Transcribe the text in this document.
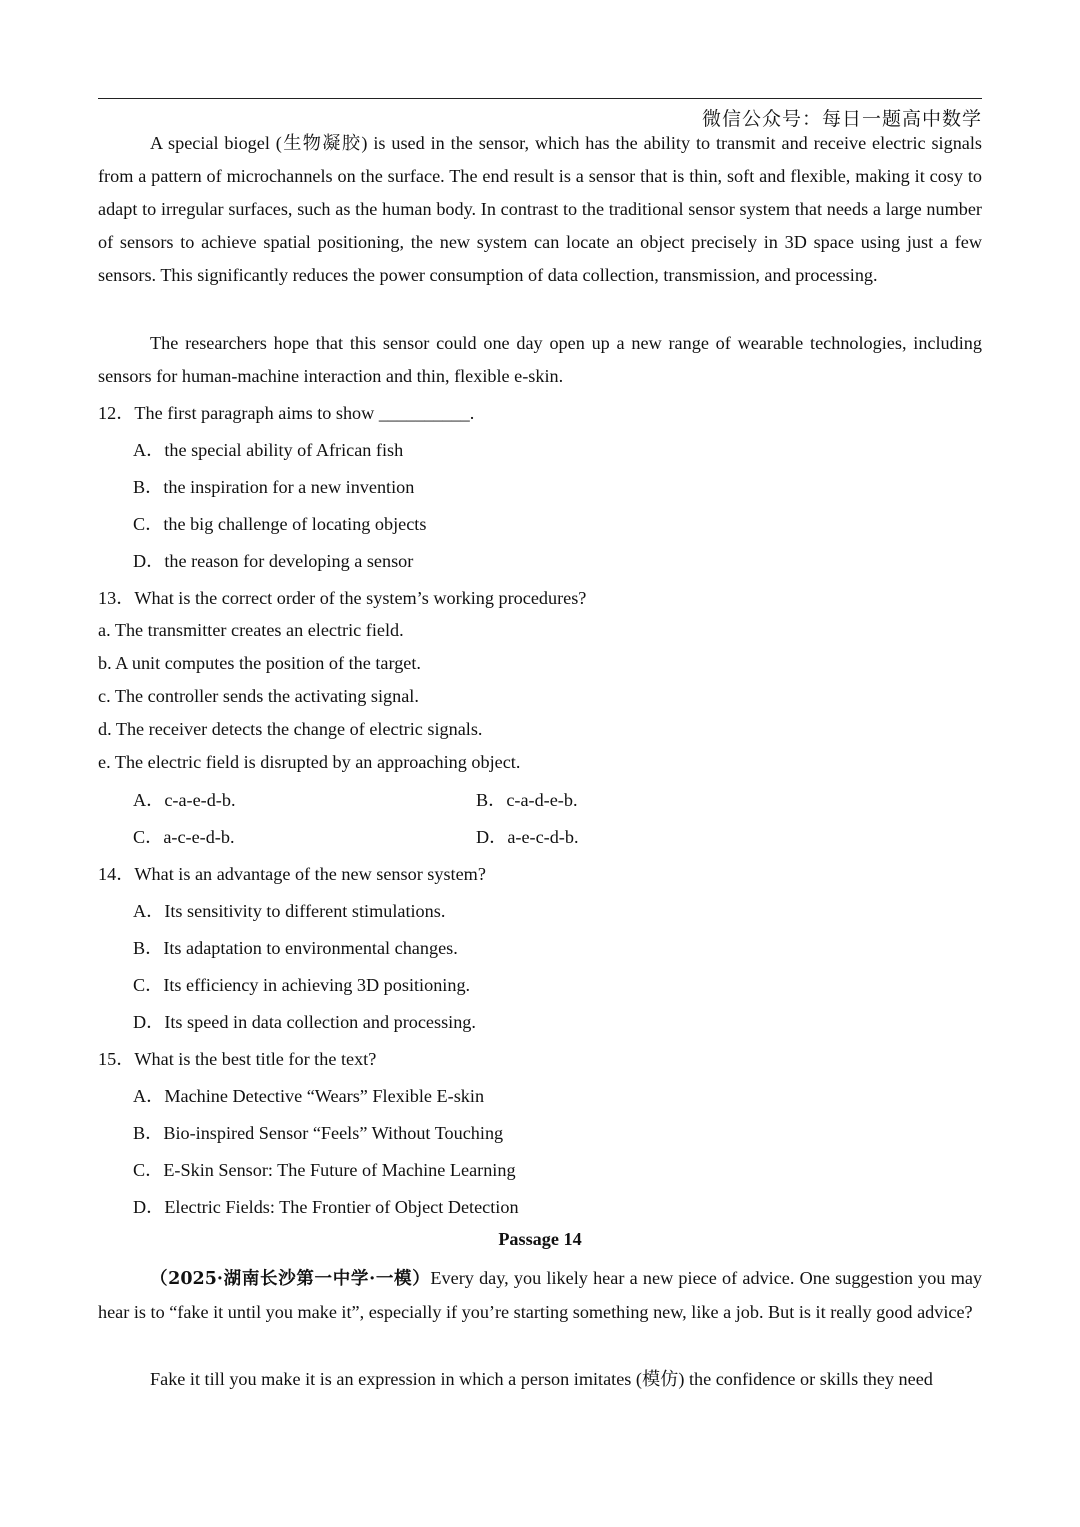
微信公众号：每日一题高中数学
A special biogel (生物凝胶) is used in the sensor, which has the ability to transmit and receive electric signals from a pattern of microchannels on the surface. The end result is a sensor that is thin, soft and flexible, making it cosy to adapt to irregular surfaces, such as the human body. In contrast to the traditional sensor system that needs a large number of sensors to achieve spatial positioning, the new system can locate an object precisely in 3D space using just a few sensors. This significantly reduces the power consumption of data collection, transmission, and processing.
The researchers hope that this sensor could one day open up a new range of wearable technologies, including sensors for human-machine interaction and thin, flexible e-skin.
12．The first paragraph aims to show __________.
A．the special ability of African fish
B．the inspiration for a new invention
C．the big challenge of locating objects
D．the reason for developing a sensor
13．What is the correct order of the system’s working procedures?
a. The transmitter creates an electric field.
b. A unit computes the position of the target.
c. The controller sends the activating signal.
d. The receiver detects the change of electric signals.
e. The electric field is disrupted by an approaching object.
A．c-a-e-d-b.	B．c-a-d-e-b.
C．a-c-e-d-b.	D．a-e-c-d-b.
14．What is an advantage of the new sensor system?
A．Its sensitivity to different stimulations.
B．Its adaptation to environmental changes.
C．Its efficiency in achieving 3D positioning.
D．Its speed in data collection and processing.
15．What is the best title for the text?
A．Machine Detective “Wears” Flexible E-skin
B．Bio-inspired Sensor “Feels” Without Touching
C．E-Skin Sensor: The Future of Machine Learning
D．Electric Fields: The Frontier of Object Detection
Passage 14
（2025·湖南长沙第一中学·一模）Every day, you likely hear a new piece of advice. One suggestion you may hear is to “fake it until you make it”, especially if you’re starting something new, like a job. But is it really good advice?
Fake it till you make it is an expression in which a person imitates (模仿) the confidence or skills they need
